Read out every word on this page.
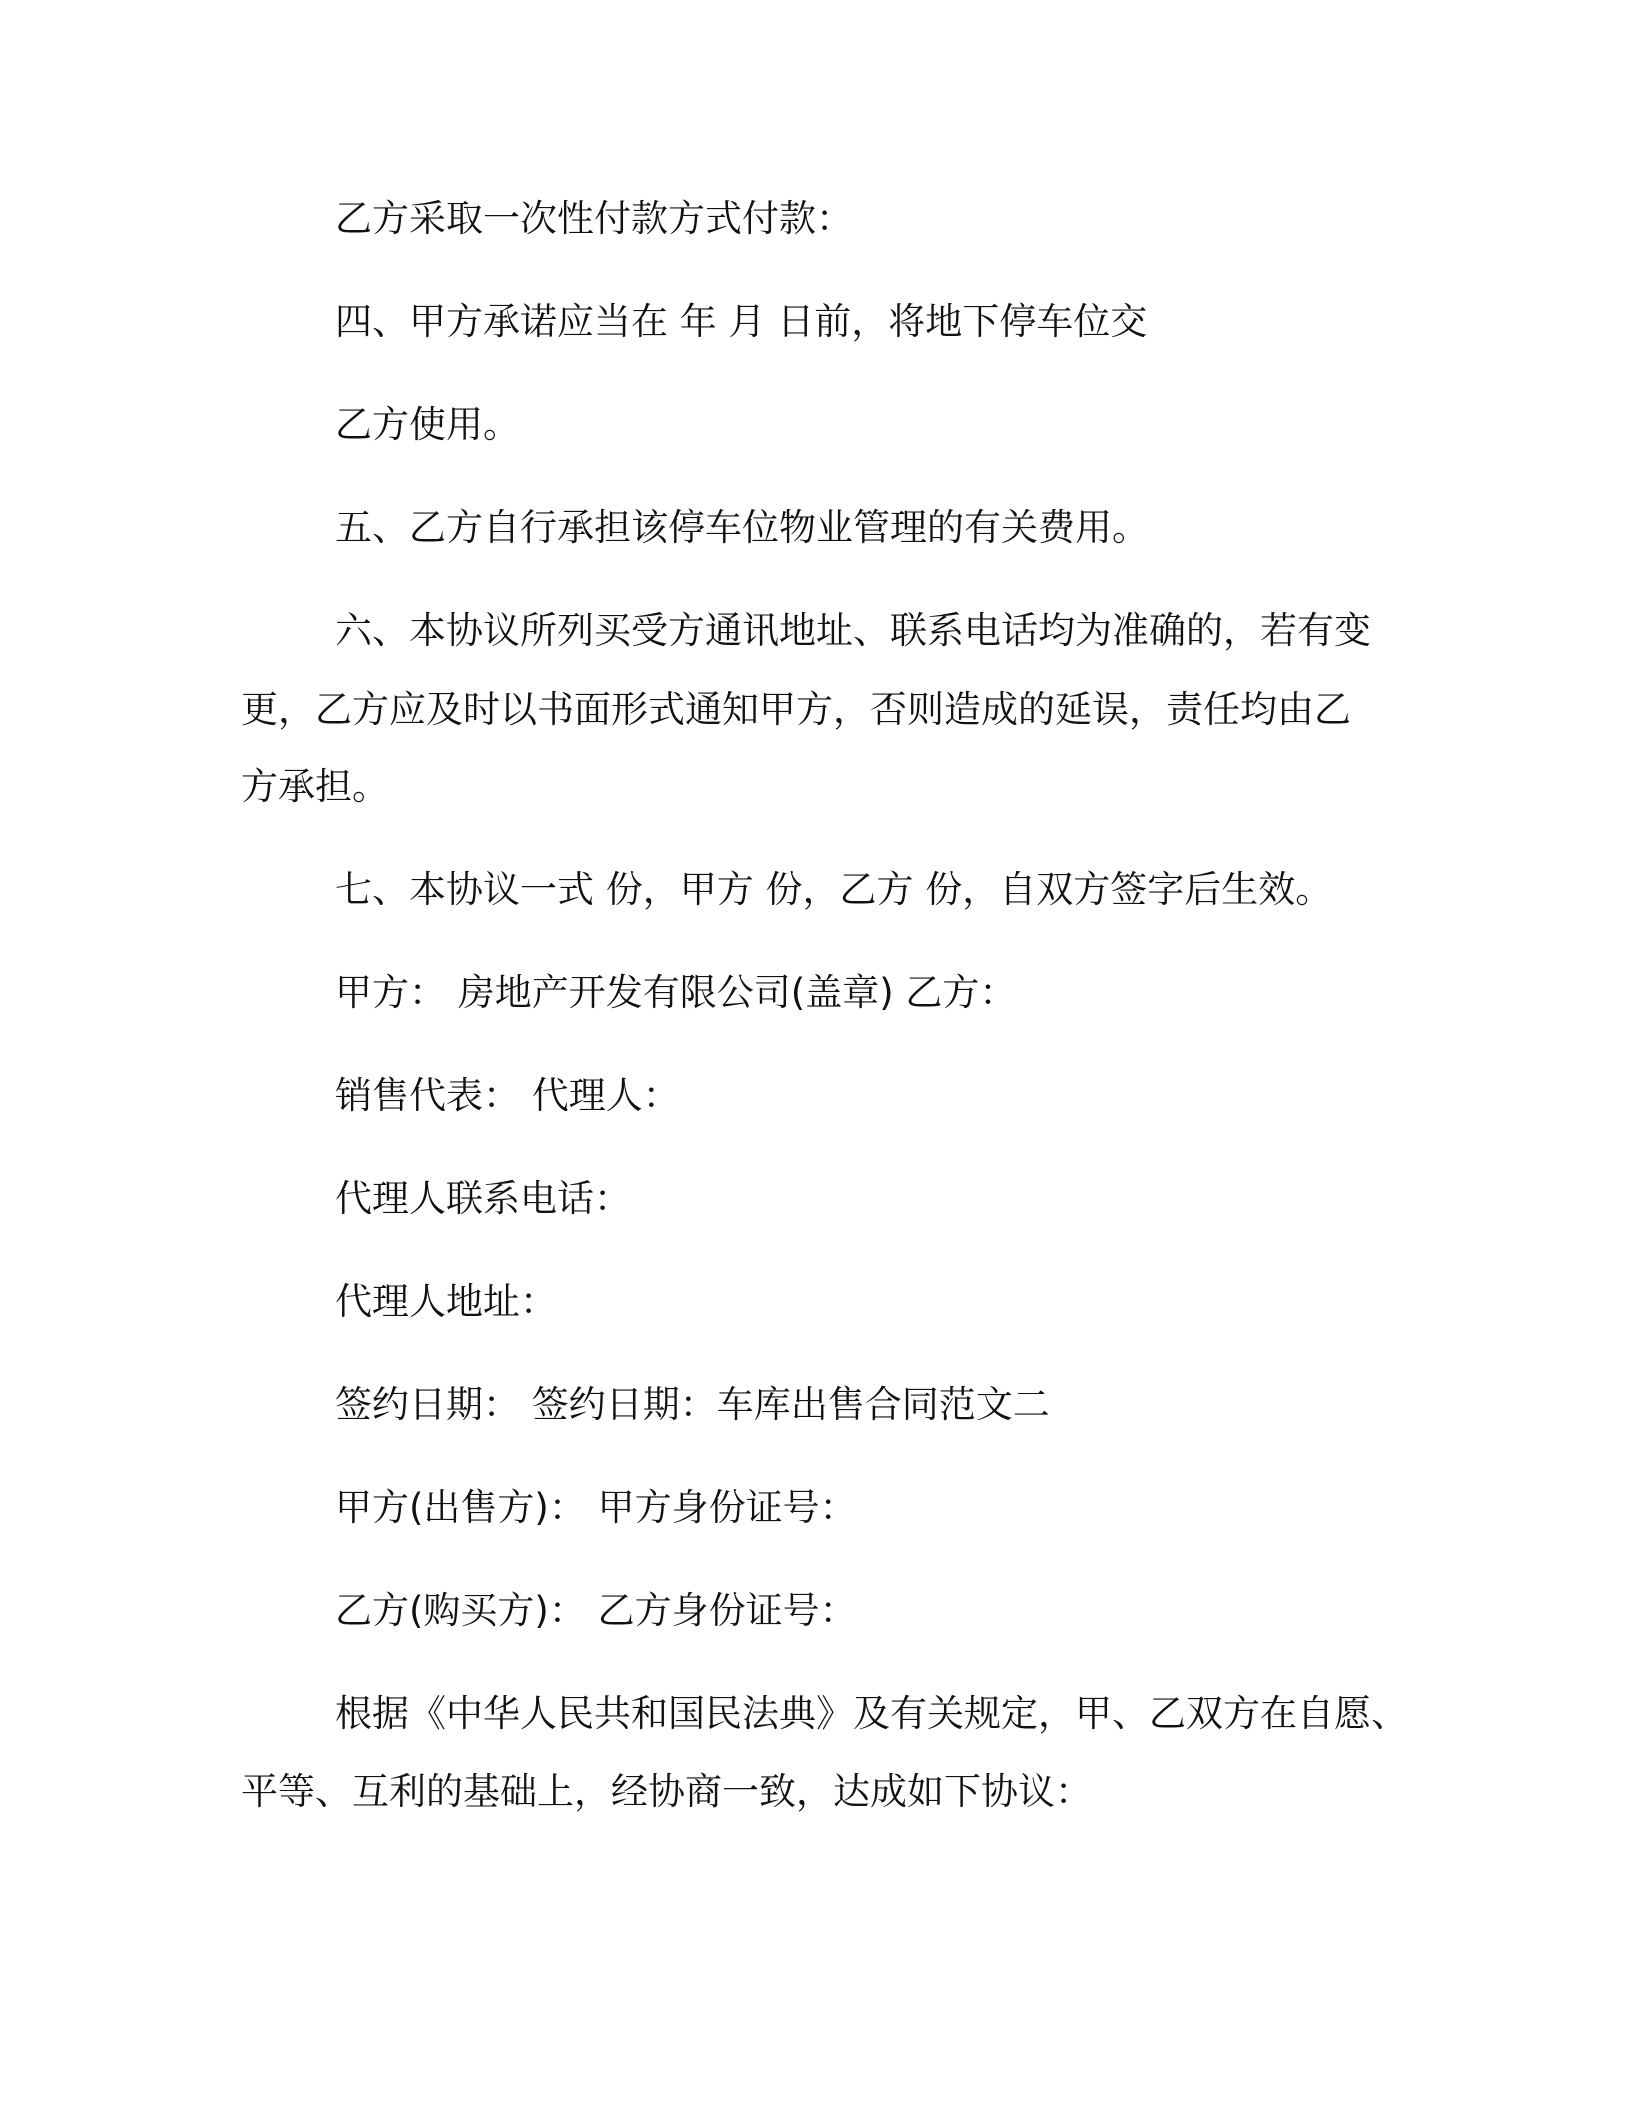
乙方采取一次性付款方式付款：

四、甲方承诺应当在 年 月 日前，将地下停车位交

乙方使用。

五、乙方自行承担该停车位物业管理的有关费用。

六、本协议所列买受方通讯地址、联系电话均为准确的，若有变

更，乙方应及时以书面形式通知甲方，否则造成的延误，责任均由乙

方承担。

七、本协议一式 份，甲方 份，乙方 份，自双方签字后生效。

甲方： 房地产开发有限公司(盖章) 乙方：

销售代表： 代理人：

代理人联系电话：

代理人地址：

签约日期： 签约日期：车库出售合同范文二

甲方(出售方)： 甲方身份证号：

乙方(购买方)： 乙方身份证号：

根据《中华人民共和国民法典》及有关规定，甲、乙双方在自愿、

平等、互利的基础上，经协商一致，达成如下协议：
